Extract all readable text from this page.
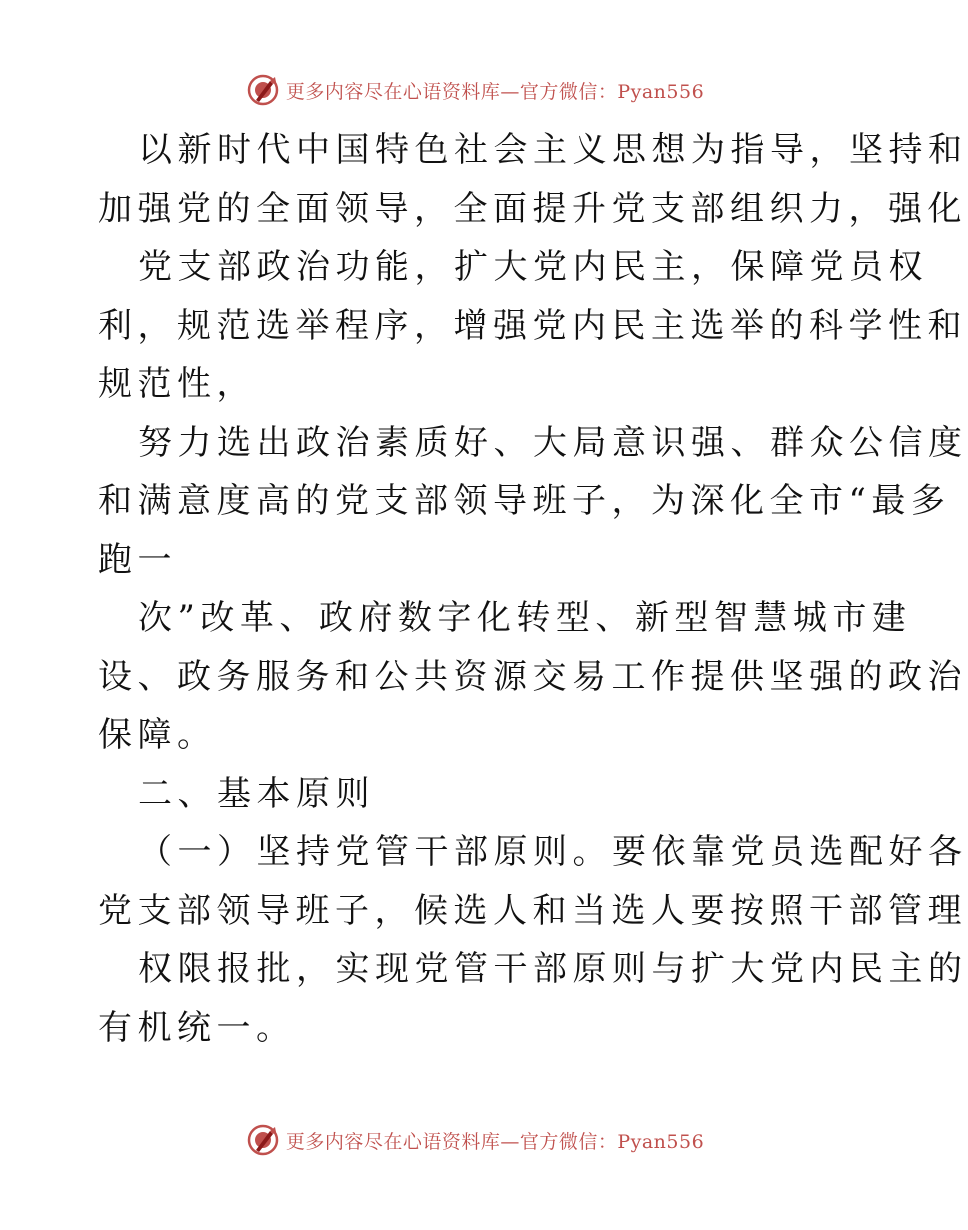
更多内容尽在心语资料库—官方微信：Pyan556
以新时代中国特色社会主义思想为指导，坚持和
加强党的全面领导，全面提升党支部组织力，强化
党支部政治功能，扩大党内民主，保障党员权
利，规范选举程序，增强党内民主选举的科学性和
规范性，
努力选出政治素质好、大局意识强、群众公信度
和满意度高的党支部领导班子，为深化全市“最多
跑一
次”改革、政府数字化转型、新型智慧城市建
设、政务服务和公共资源交易工作提供坚强的政治
保障。
二、基本原则
（一）坚持党管干部原则。要依靠党员选配好各
党支部领导班子，候选人和当选人要按照干部管理
权限报批，实现党管干部原则与扩大党内民主的
有机统一。
更多内容尽在心语资料库—官方微信：Pyan556
